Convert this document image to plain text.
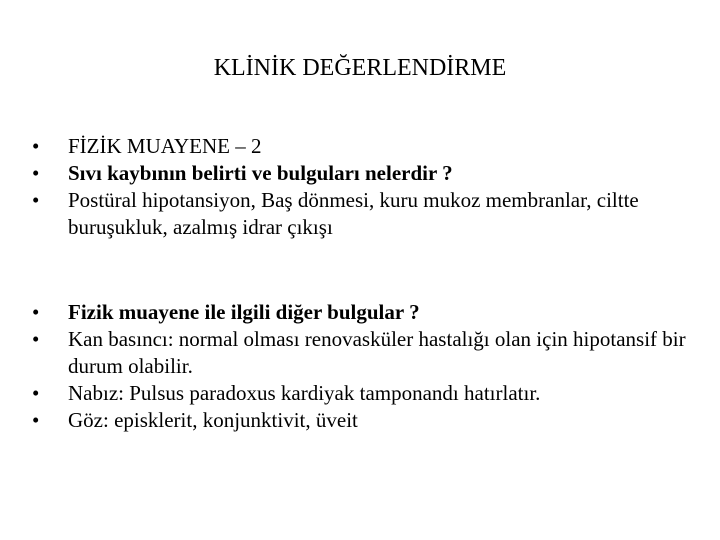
KLİNİK DEĞERLENDİRME
•	FİZİK MUAYENE – 2
•	Sıvı kaybının belirti ve bulguları nelerdir ?
•	Postüral hipotansiyon, Baş dönmesi, kuru mukoz membranlar, ciltte buruşukluk, azalmış idrar çıkışı
•	Fizik muayene ile ilgili diğer bulgular ?
•	Kan basıncı: normal olması renovasküler hastalığı olan için hipotansif bir durum olabilir.
•	Nabız: Pulsus paradoxus kardiyak tamponandı hatırlatır.
•	Göz: episklerit, konjunktivit, üveit
